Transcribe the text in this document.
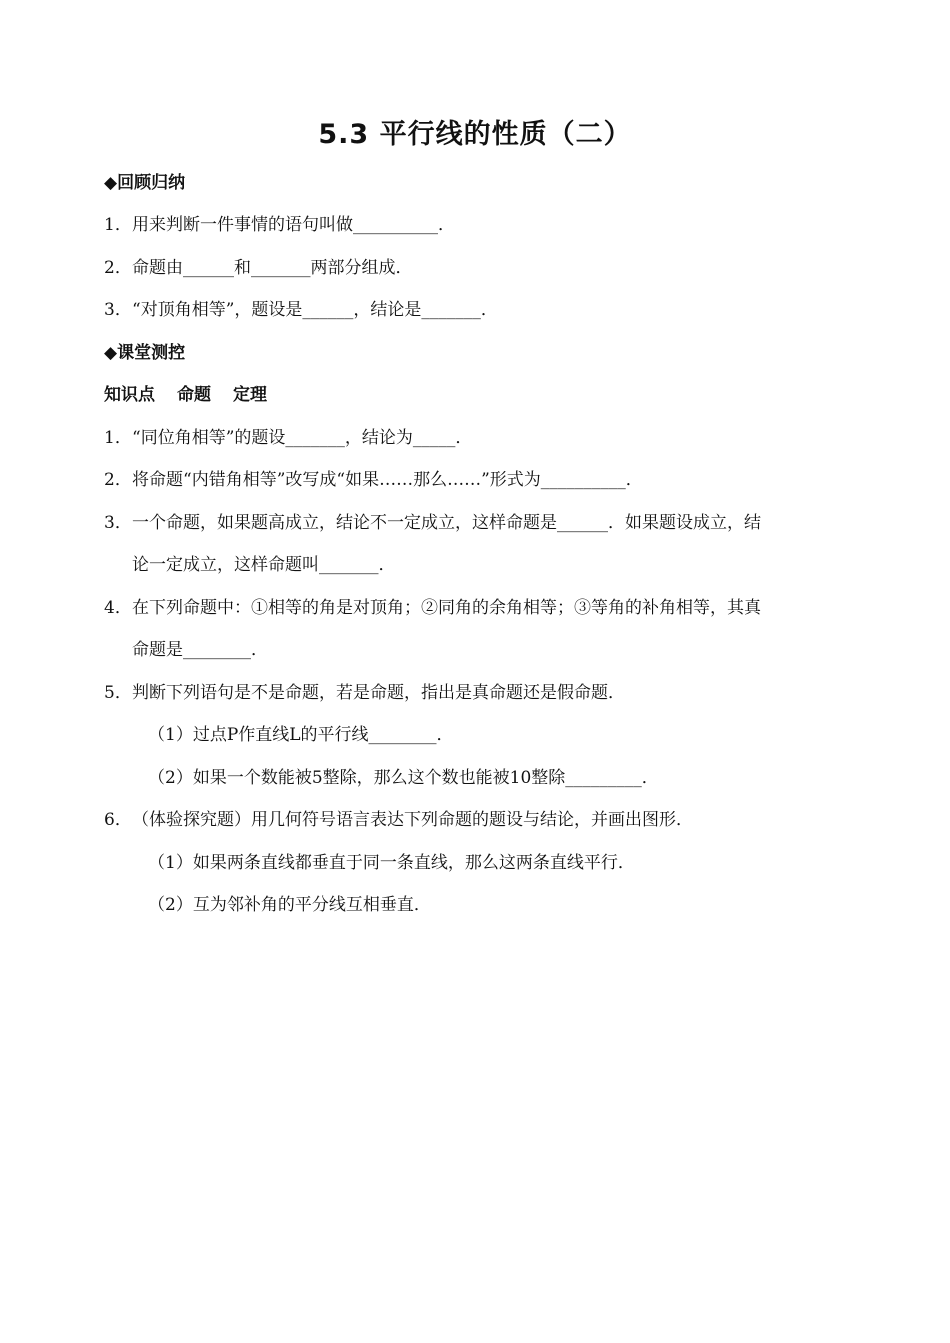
5.3 平行线的性质（二）
◆回顾归纳
1．用来判断一件事情的语句叫做__________．
2．命题由______和_______两部分组成．
3．“对顶角相等”，题设是______，结论是_______．
◆课堂测控
知识点 命题 定理
1．“同位角相等”的题设_______，结论为_____．
2．将命题“内错角相等”改写成“如果……那么……”形式为__________．
3．一个命题，如果题高成立，结论不一定成立，这样命题是______．如果题设成立，结
论一定成立，这样命题叫_______．
4．在下列命题中：①相等的角是对顶角；②同角的余角相等；③等角的补角相等，其真
命题是________．
5．判断下列语句是不是命题，若是命题，指出是真命题还是假命题．
（1）过点P作直线L的平行线________．
（2）如果一个数能被5整除，那么这个数也能被10整除_________．
6．（体验探究题）用几何符号语言表达下列命题的题设与结论，并画出图形．
（1）如果两条直线都垂直于同一条直线，那么这两条直线平行．
（2）互为邻补角的平分线互相垂直．
